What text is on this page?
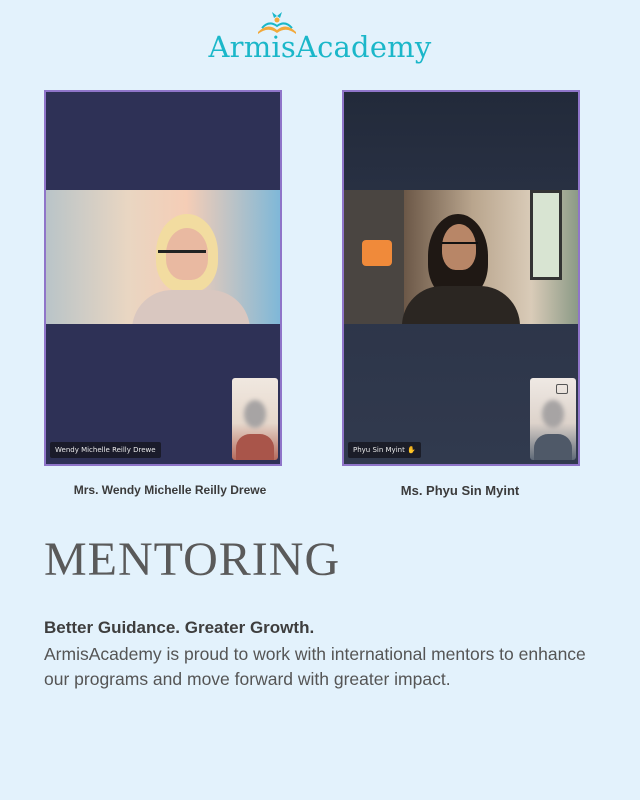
ArmisAcademy
Wendy Michelle Reilly Drewe	Phyu Sin Myint ✋
Mrs. Wendy Michelle Reilly Drewe	Ms. Phyu Sin Myint
MENTORING
Better Guidance. Greater Growth.
ArmisAcademy is proud to work with international mentors to enhance our programs and move forward with greater impact.
